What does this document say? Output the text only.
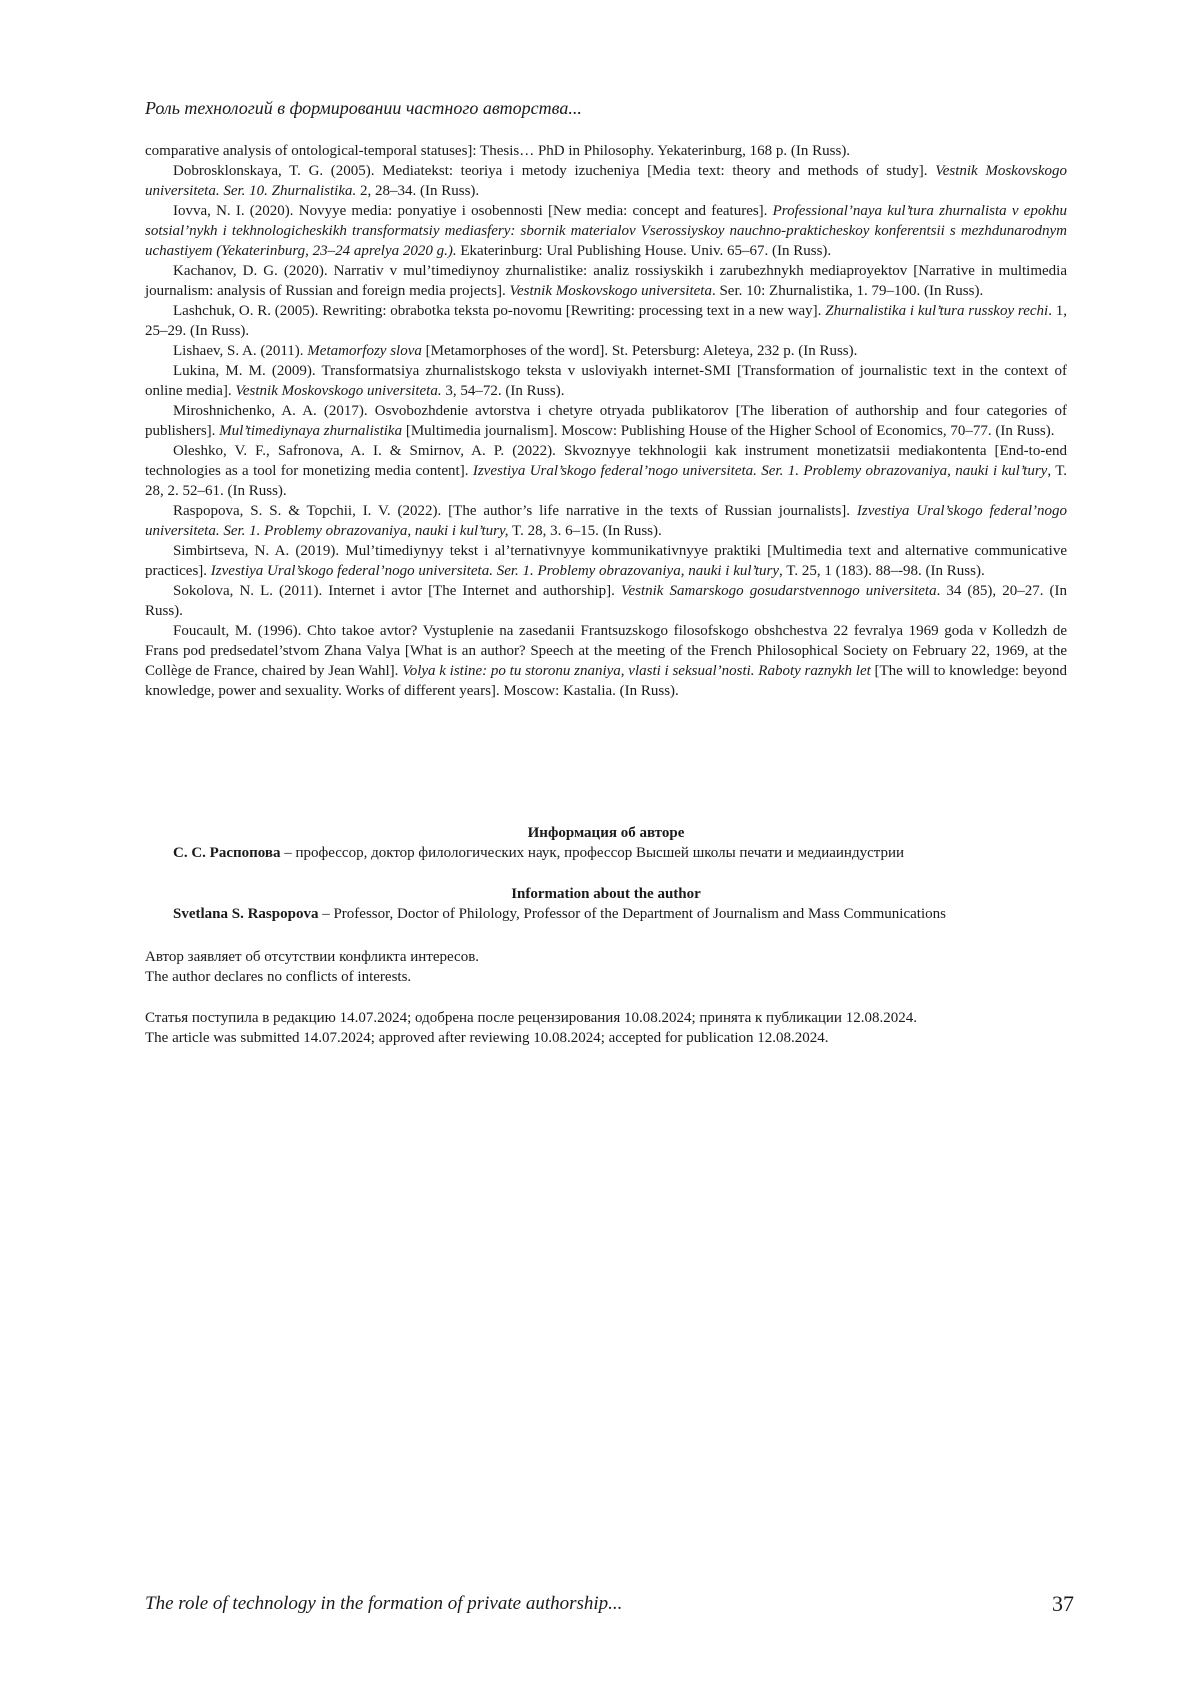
Роль технологий в формировании частного авторства...

comparative analysis of ontological-temporal statuses]: Thesis… PhD in Philosophy. Yekaterinburg, 168 p. (In Russ).

Dobrosklonskaya, T. G. (2005). Mediatekst: teoriya i metody izucheniya [Media text: theory and methods of study]. Vestnik Moskovskogo universiteta. Ser. 10. Zhurnalistika. 2, 28–34. (In Russ).

Iovva, N. I. (2020). Novyye media: ponyatiye i osobennosti [New media: concept and features]. Professional’naya kul’tura zhurnalista v epokhu sotsial’nykh i tekhnologicheskikh transformatsiy mediasfery: sbornik materialov Vserossiyskoy nauchno-prakticheskoy konferentsii s mezhdunarodnym uchastiyem (Yekaterinburg, 23–24 aprelya 2020 g.). Ekaterinburg: Ural Publishing House. Univ. 65–67. (In Russ).

Kachanov, D. G. (2020). Narrativ v mul’timediynoy zhurnalistike: analiz rossiyskikh i zarubezhnykh mediaproyektov [Narrative in multimedia journalism: analysis of Russian and foreign media projects]. Vestnik Moskovskogo universiteta. Ser. 10: Zhurnalistika, 1. 79–100. (In Russ).

Lashchuk, O. R. (2005). Rewriting: obrabotka teksta po-novomu [Rewriting: processing text in a new way]. Zhurnalistika i kul’tura russkoy rechi. 1, 25–29. (In Russ).

Lishaev, S. A. (2011). Metamorfozy slova [Metamorphoses of the word]. St. Petersburg: Aleteya, 232 p. (In Russ).

Lukina, M. M. (2009). Transformatsiya zhurnalistskogo teksta v usloviyakh internet-SMI [Transformation of journalistic text in the context of online media]. Vestnik Moskovskogo universiteta. 3, 54–72. (In Russ).

Miroshnichenko, A. A. (2017). Osvobozhdenie avtorstva i chetyre otryada publikatorov [The liberation of authorship and four categories of publishers]. Mul’timediynaya zhurnalistika [Multimedia journalism]. Moscow: Publishing House of the Higher School of Economics, 70–77. (In Russ).

Oleshko, V. F., Safronova, A. I. & Smirnov, A. P. (2022). Skvoznyye tekhnologii kak instrument monetizatsii mediakontenta [End-to-end technologies as a tool for monetizing media content]. Izvestiya Ural’skogo federal’nogo universiteta. Ser. 1. Problemy obrazovaniya, nauki i kul’tury, T. 28, 2. 52–61. (In Russ).

Raspopova, S. S. & Topchii, I. V. (2022). [The author’s life narrative in the texts of Russian journalists]. Izvestiya Ural’skogo federal’nogo universiteta. Ser. 1. Problemy obrazovaniya, nauki i kul’tury, T. 28, 3. 6–15. (In Russ).

Simbirtseva, N. A. (2019). Mul’timediynyy tekst i al’ternativnyye kommunikativnyye praktiki [Multimedia text and alternative communicative practices]. Izvestiya Ural’skogo federal’nogo universiteta. Ser. 1. Problemy obrazovaniya, nauki i kul’tury, T. 25, 1 (183). 88–-98. (In Russ).

Sokolova, N. L. (2011). Internet i avtor [The Internet and authorship]. Vestnik Samarskogo gosudarstvennogo universiteta. 34 (85), 20–27. (In Russ).

Foucault, M. (1996). Chto takoe avtor? Vystuplenie na zasedanii Frantsuzskogo filosofskogo obshchestva 22 fevralya 1969 goda v Kolledzh de Frans pod predsedatel’stvom Zhana Valya [What is an author? Speech at the meeting of the French Philosophical Society on February 22, 1969, at the Collège de France, chaired by Jean Wahl]. Volya k istine: po tu storonu znaniya, vlasti i seksual’nosti. Raboty raznykh let [The will to knowledge: beyond knowledge, power and sexuality. Works of different years]. Moscow: Kastalia. (In Russ).

Информация об авторе

С. С. Распопова – профессор, доктор филологических наук, профессор Высшей школы печати и медиаиндустрии

Information about the author

Svetlana S. Raspopova – Professor, Doctor of Philology, Professor of the Department of Journalism and Mass Communications

Автор заявляет об отсутствии конфликта интересов.

The author declares no conflicts of interests.

Статья поступила в редакцию 14.07.2024; одобрена после рецензирования 10.08.2024; принята к публикации 12.08.2024.

The article was submitted 14.07.2024; approved after reviewing 10.08.2024; accepted for publication 12.08.2024.

The role of technology in the formation of private authorship...	37
